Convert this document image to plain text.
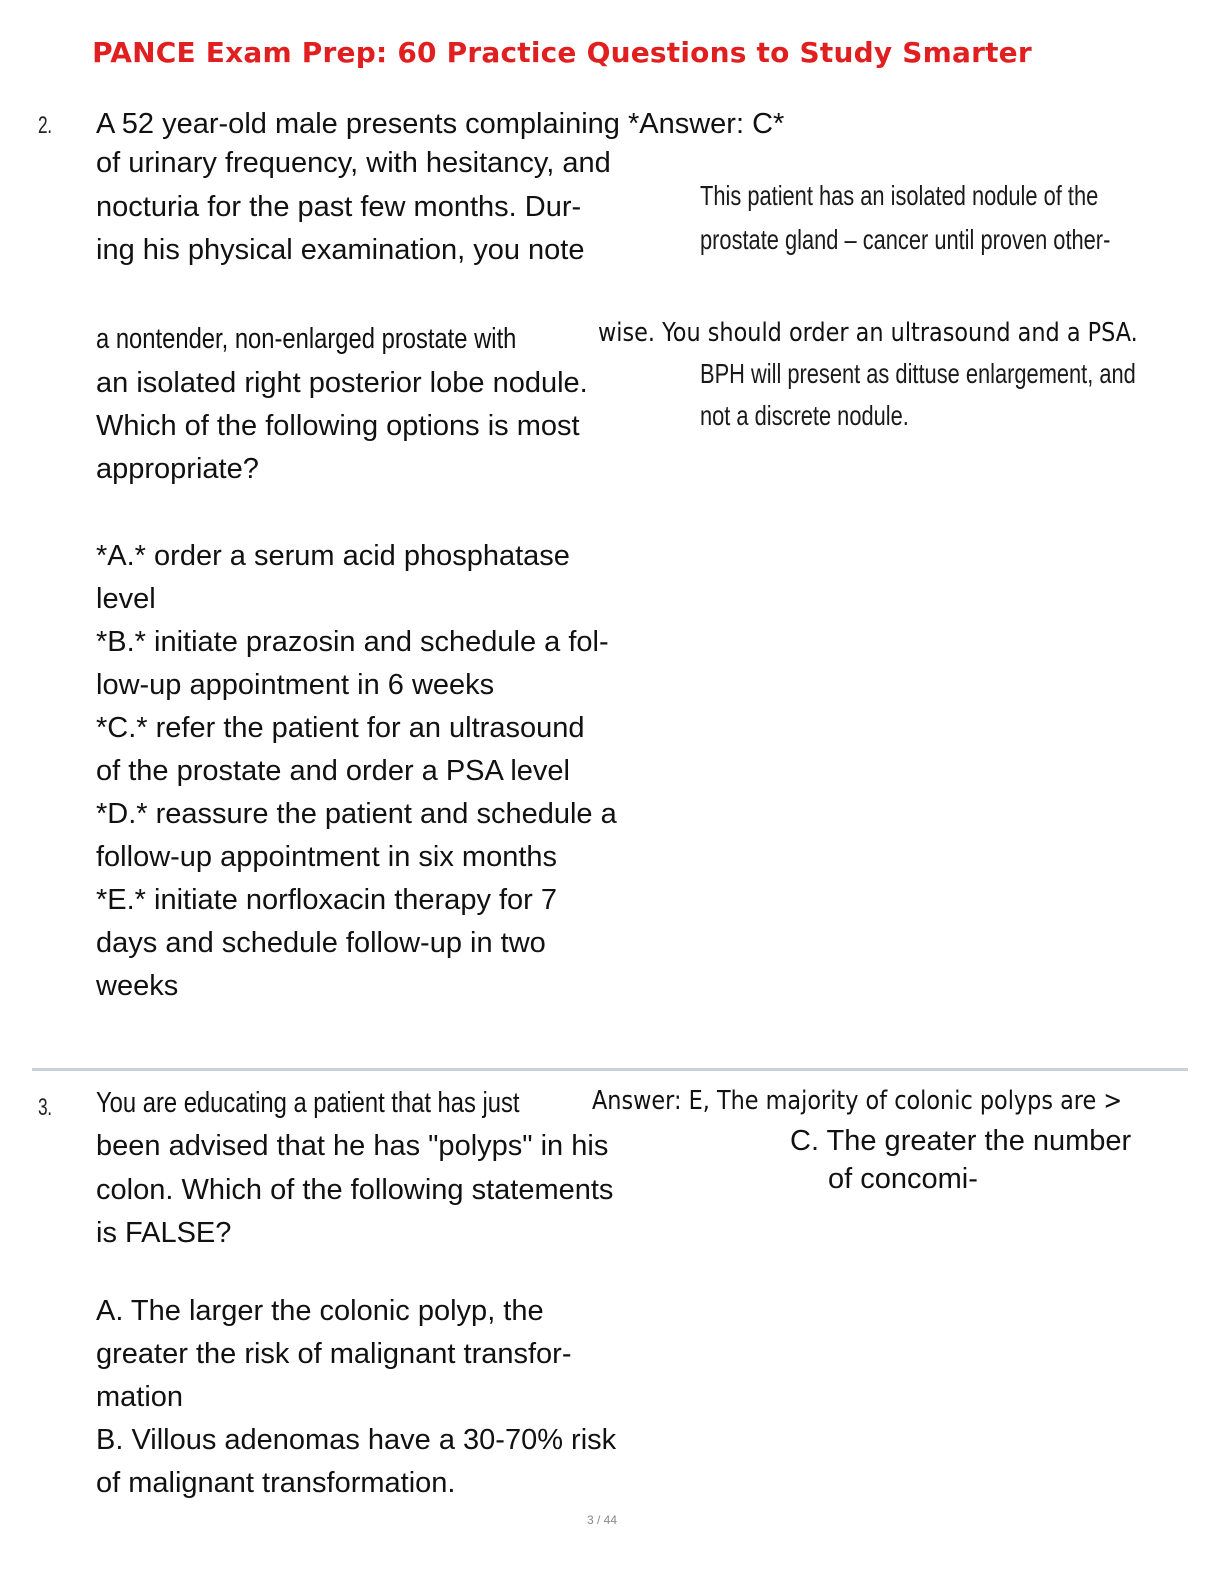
PANCE Exam Prep: 60 Practice Questions to Study Smarter
2. A 52 year-old male presents complaining *Answer: C*
of urinary frequency, with hesitancy, and
nocturia for the past few months. Dur-
ing his physical examination, you note
a nontender, non-enlarged prostate with
an isolated right posterior lobe nodule.
Which of the following options is most
appropriate?
This patient has an isolated nodule of the
prostate gland – cancer until proven other-
wise. You should order an ultrasound and a PSA.
BPH will present as dittuse enlargement, and
not a discrete nodule.
*A.* order a serum acid phosphatase
level
*B.* initiate prazosin and schedule a fol-
low-up appointment in 6 weeks
*C.* refer the patient for an ultrasound
of the prostate and order a PSA level
*D.* reassure the patient and schedule a
follow-up appointment in six months
*E.* initiate norfloxacin therapy for 7
days and schedule follow-up in two
weeks
3. You are educating a patient that has just	Answer: E, The majority of colonic polyps are >
been advised that he has "polyps" in his
colon. Which of the following statements
is FALSE?
C. The greater the number
of concomi-
A. The larger the colonic polyp, the
greater the risk of malignant transfor-
mation
B. Villous adenomas have a 30-70% risk
of malignant transformation.
3 / 44
